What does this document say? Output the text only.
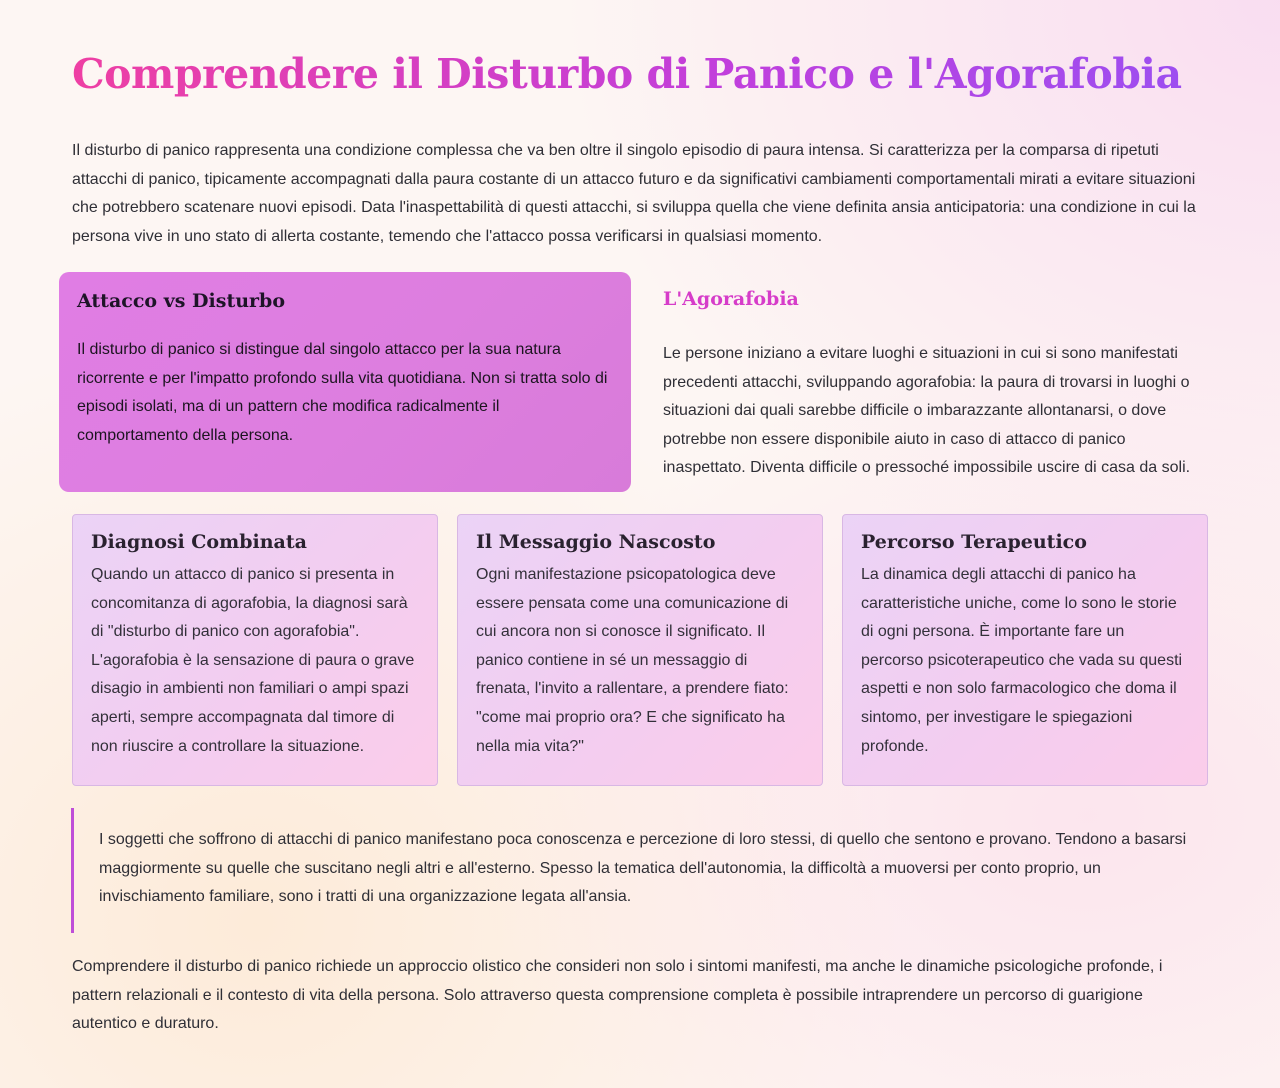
Comprendere il Disturbo di Panico e l'Agorafobia

Il disturbo di panico rappresenta una condizione complessa che va ben oltre il singolo episodio di paura intensa. Si caratterizza per la comparsa di ripetuti attacchi di panico, tipicamente accompagnati dalla paura costante di un attacco futuro e da significativi cambiamenti comportamentali mirati a evitare situazioni che potrebbero scatenare nuovi episodi. Data l'inaspettabilità di questi attacchi, si sviluppa quella che viene definita ansia anticipatoria: una condizione in cui la persona vive in uno stato di allerta costante, temendo che l'attacco possa verificarsi in qualsiasi momento.

Attacco vs Disturbo

Il disturbo di panico si distingue dal singolo attacco per la sua natura ricorrente e per l'impatto profondo sulla vita quotidiana. Non si tratta solo di episodi isolati, ma di un pattern che modifica radicalmente il comportamento della persona.

L'Agorafobia

Le persone iniziano a evitare luoghi e situazioni in cui si sono manifestati precedenti attacchi, sviluppando agorafobia: la paura di trovarsi in luoghi o situazioni dai quali sarebbe difficile o imbarazzante allontanarsi, o dove potrebbe non essere disponibile aiuto in caso di attacco di panico inaspettato. Diventa difficile o pressoché impossibile uscire di casa da soli.

Diagnosi Combinata

Quando un attacco di panico si presenta in concomitanza di agorafobia, la diagnosi sarà di "disturbo di panico con agorafobia". L'agorafobia è la sensazione di paura o grave disagio in ambienti non familiari o ampi spazi aperti, sempre accompagnata dal timore di non riuscire a controllare la situazione.

Il Messaggio Nascosto

Ogni manifestazione psicopatologica deve essere pensata come una comunicazione di cui ancora non si conosce il significato. Il panico contiene in sé un messaggio di frenata, l'invito a rallentare, a prendere fiato: "come mai proprio ora? E che significato ha nella mia vita?"

Percorso Terapeutico

La dinamica degli attacchi di panico ha caratteristiche uniche, come lo sono le storie di ogni persona. È importante fare un percorso psicoterapeutico che vada su questi aspetti e non solo farmacologico che doma il sintomo, per investigare le spiegazioni profonde.

I soggetti che soffrono di attacchi di panico manifestano poca conoscenza e percezione di loro stessi, di quello che sentono e provano. Tendono a basarsi maggiormente su quelle che suscitano negli altri e all'esterno. Spesso la tematica dell'autonomia, la difficoltà a muoversi per conto proprio, un invischiamento familiare, sono i tratti di una organizzazione legata all'ansia.

Comprendere il disturbo di panico richiede un approccio olistico che consideri non solo i sintomi manifesti, ma anche le dinamiche psicologiche profonde, i pattern relazionali e il contesto di vita della persona. Solo attraverso questa comprensione completa è possibile intraprendere un percorso di guarigione autentico e duraturo.
